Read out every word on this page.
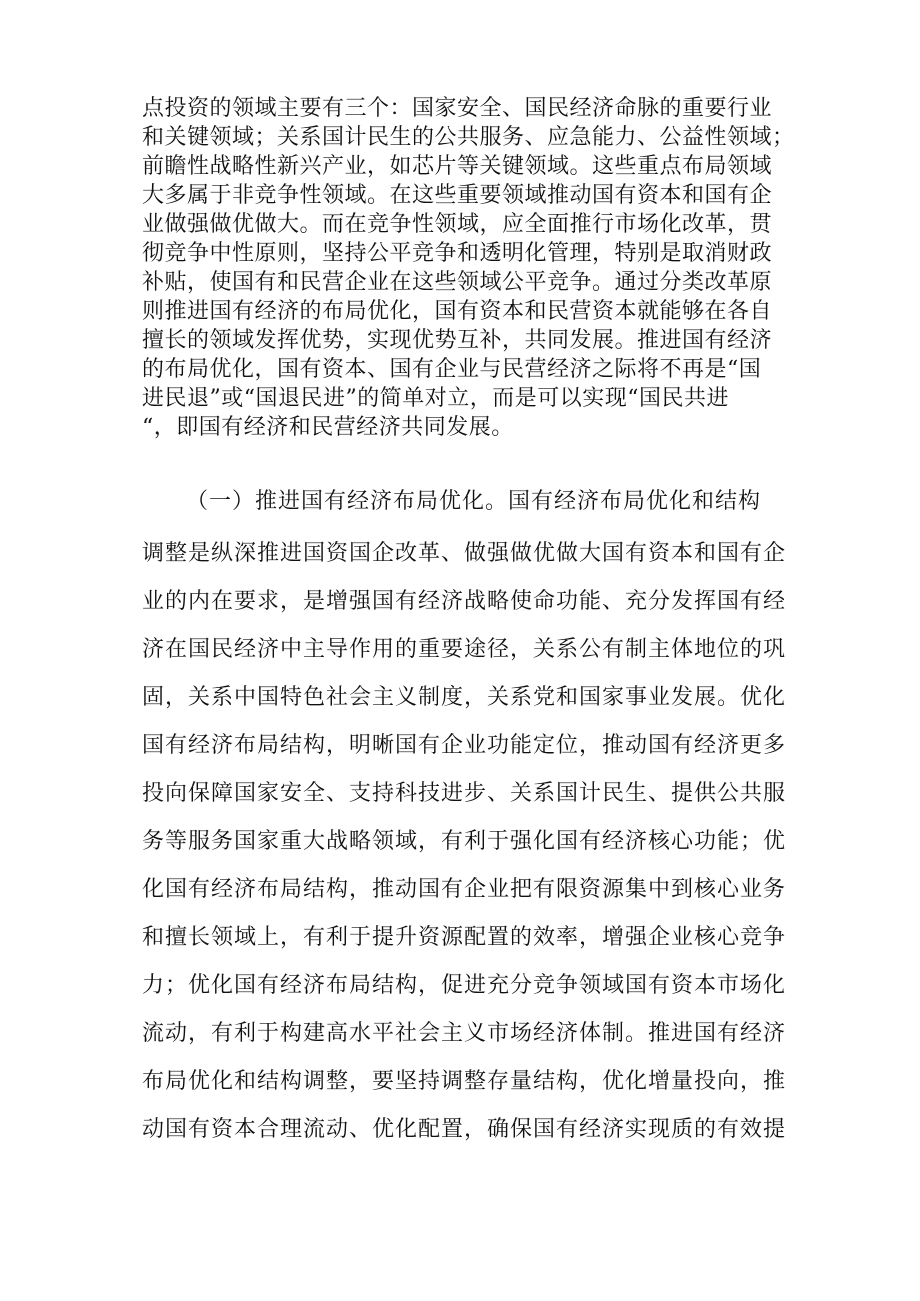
点投资的领域主要有三个：国家安全、国民经济命脉的重要行业
和关键领域；关系国计民生的公共服务、应急能力、公益性领域；
前瞻性战略性新兴产业，如芯片等关键领域。这些重点布局领域
大多属于非竞争性领域。在这些重要领域推动国有资本和国有企
业做强做优做大。而在竞争性领域，应全面推行市场化改革，贯
彻竞争中性原则，坚持公平竞争和透明化管理，特别是取消财政
补贴，使国有和民营企业在这些领域公平竞争。通过分类改革原
则推进国有经济的布局优化，国有资本和民营资本就能够在各自
擅长的领域发挥优势，实现优势互补，共同发展。推进国有经济
的布局优化，国有资本、国有企业与民营经济之际将不再是“国
进民退”或“国退民进”的简单对立，而是可以实现“国民共进
“，即国有经济和民营经济共同发展。
（一）推进国有经济布局优化。国有经济布局优化和结构
调整是纵深推进国资国企改革、做强做优做大国有资本和国有企
业的内在要求，是增强国有经济战略使命功能、充分发挥国有经
济在国民经济中主导作用的重要途径，关系公有制主体地位的巩
固，关系中国特色社会主义制度，关系党和国家事业发展。优化
国有经济布局结构，明晰国有企业功能定位，推动国有经济更多
投向保障国家安全、支持科技进步、关系国计民生、提供公共服
务等服务国家重大战略领域，有利于强化国有经济核心功能；优
化国有经济布局结构，推动国有企业把有限资源集中到核心业务
和擅长领域上，有利于提升资源配置的效率，增强企业核心竞争
力；优化国有经济布局结构，促进充分竞争领域国有资本市场化
流动，有利于构建高水平社会主义市场经济体制。推进国有经济
布局优化和结构调整，要坚持调整存量结构，优化增量投向，推
动国有资本合理流动、优化配置，确保国有经济实现质的有效提
